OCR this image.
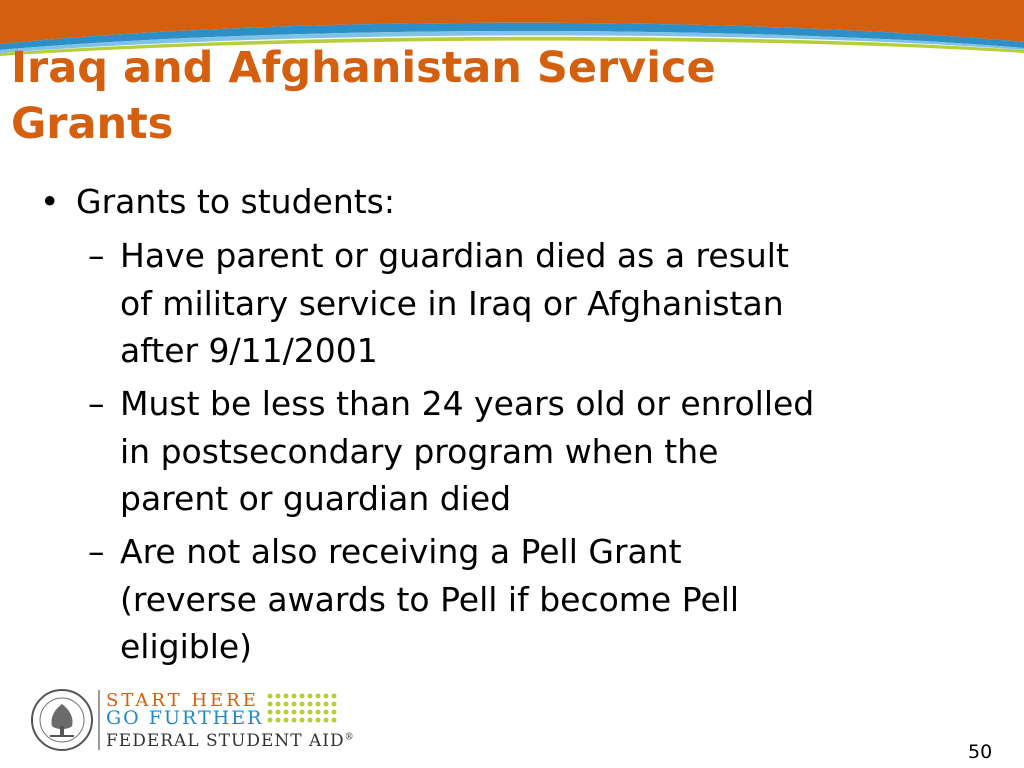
Iraq and Afghanistan Service
Grants
• Grants to students:
– Have parent or guardian died as a result
of military service in Iraq or Afghanistan
after 9/11/2001
– Must be less than 24 years old or enrolled
in postsecondary program when the
parent or guardian died
– Are not also receiving a Pell Grant
(reverse awards to Pell if become Pell
eligible)
START HERE
GO FURTHER
FEDERAL STUDENT AID®
50
